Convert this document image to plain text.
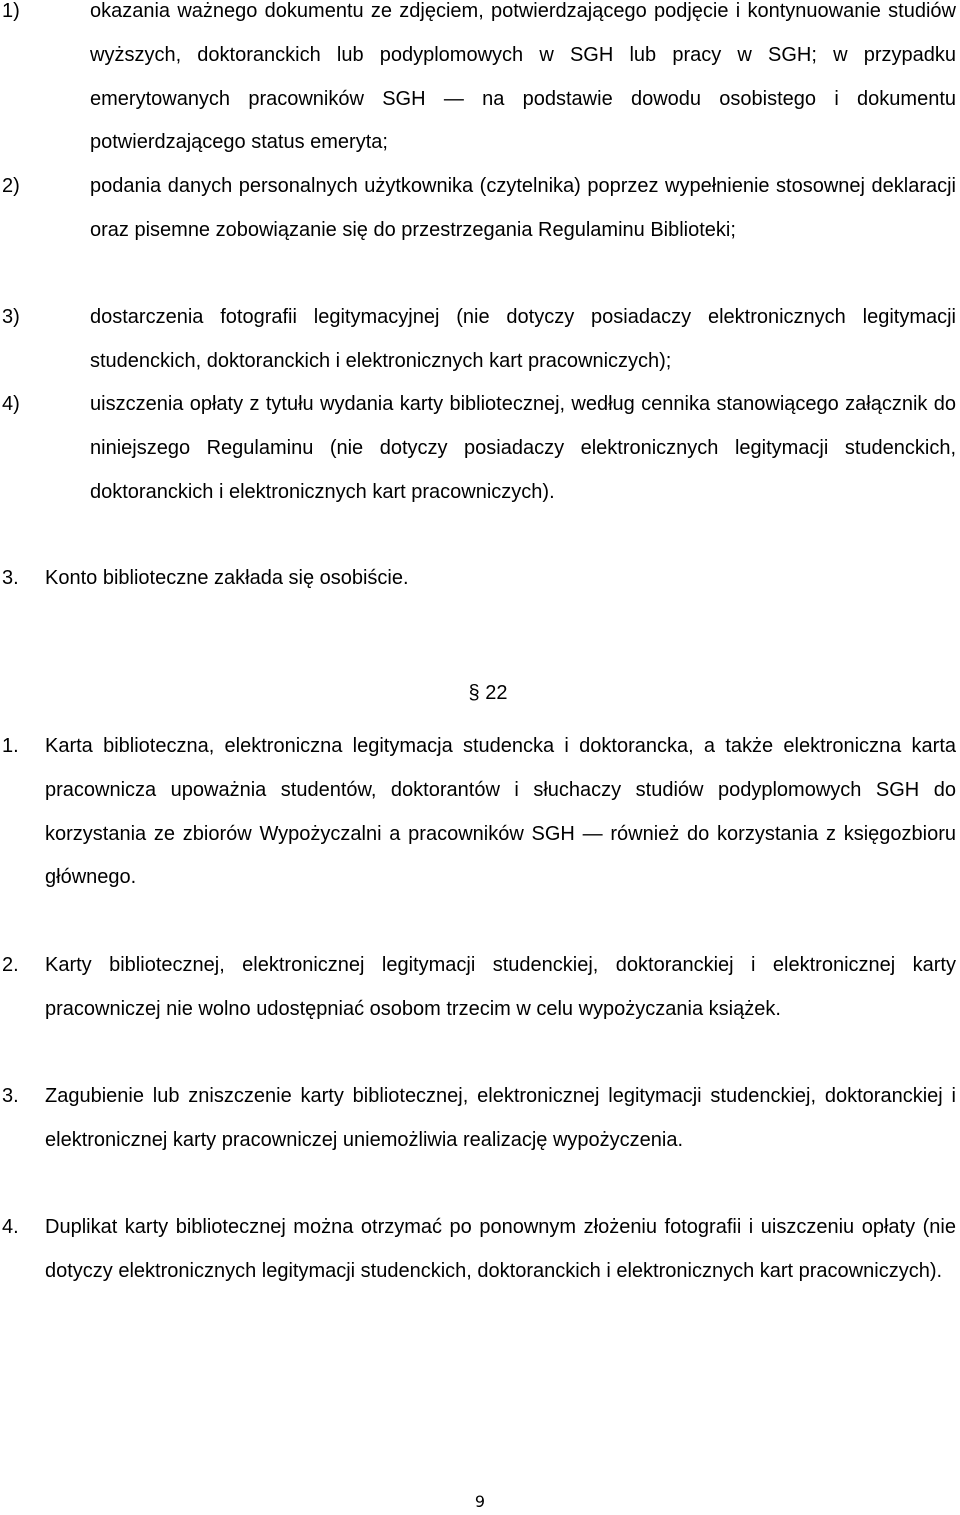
1)	okazania ważnego dokumentu ze zdjęciem, potwierdzającego podjęcie i kontynuowanie studiów wyższych, doktoranckich lub podyplomowych w SGH lub pracy w SGH; w przypadku emerytowanych pracowników SGH — na podstawie dowodu osobistego i dokumentu potwierdzającego status emeryta;
2)	podania danych personalnych użytkownika (czytelnika) poprzez wypełnienie stosownej deklaracji oraz pisemne zobowiązanie się do przestrzegania Regulaminu Biblioteki;
3)	dostarczenia fotografii legitymacyjnej (nie dotyczy posiadaczy elektronicznych legitymacji studenckich, doktoranckich i elektronicznych kart pracowniczych);
4)	uiszczenia opłaty z tytułu wydania karty bibliotecznej, według cennika stanowiącego załącznik do niniejszego Regulaminu (nie dotyczy posiadaczy elektronicznych legitymacji studenckich, doktoranckich i elektronicznych kart pracowniczych).
3. Konto biblioteczne zakłada się osobiście.
§ 22
1. Karta biblioteczna, elektroniczna legitymacja studencka i doktorancka, a także elektroniczna karta pracownicza upoważnia studentów, doktorantów i słuchaczy studiów podyplomowych SGH do korzystania ze zbiorów Wypożyczalni a pracowników SGH — również do korzystania z księgozbioru głównego.
2. Karty bibliotecznej, elektronicznej legitymacji studenckiej, doktoranckiej i elektronicznej karty pracowniczej nie wolno udostępniać osobom trzecim w celu wypożyczania książek.
3. Zagubienie lub zniszczenie karty bibliotecznej, elektronicznej legitymacji studenckiej, doktoranckiej i elektronicznej karty pracowniczej uniemożliwia realizację wypożyczenia.
4. Duplikat karty bibliotecznej można otrzymać po ponownym złożeniu fotografii i uiszczeniu opłaty (nie dotyczy elektronicznych legitymacji studenckich, doktoranckich i elektronicznych kart pracowniczych).
9
